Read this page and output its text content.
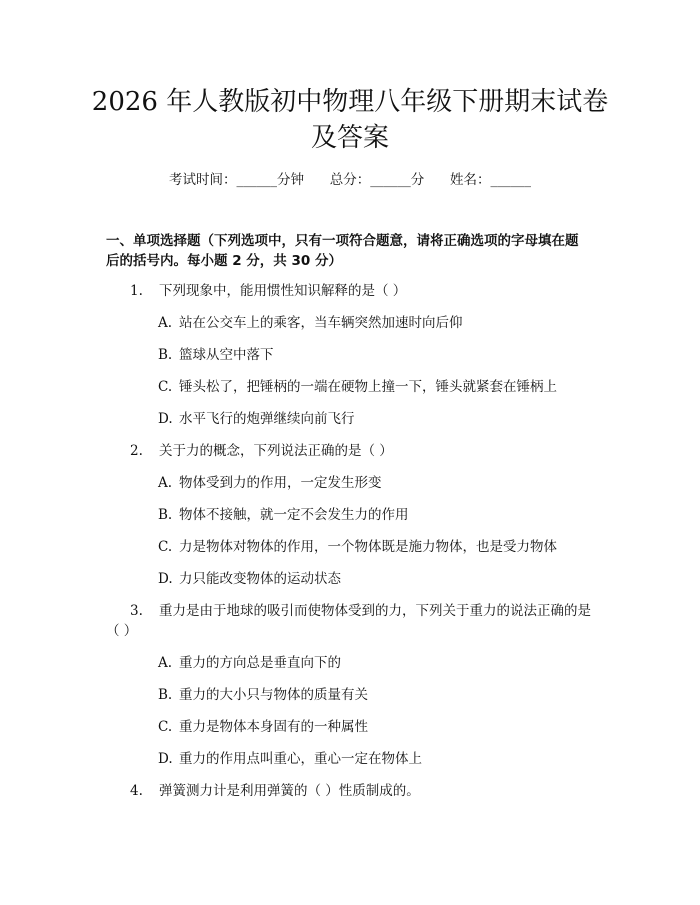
2026 年人教版初中物理八年级下册期末试卷
及答案
考试时间：______分钟      总分：______分      姓名：______
一、单项选择题（下列选项中，只有一项符合题意，请将正确选项的字母填在题
后的括号内。每小题 2 分，共 30 分）
1. 下列现象中，能用惯性知识解释的是（ ）
A. 站在公交车上的乘客，当车辆突然加速时向后仰
B. 篮球从空中落下
C. 锤头松了，把锤柄的一端在硬物上撞一下，锤头就紧套在锤柄上
D. 水平飞行的炮弹继续向前飞行
2. 关于力的概念，下列说法正确的是（ ）
A. 物体受到力的作用，一定发生形变
B. 物体不接触，就一定不会发生力的作用
C. 力是物体对物体的作用，一个物体既是施力物体，也是受力物体
D. 力只能改变物体的运动状态
3. 重力是由于地球的吸引而使物体受到的力，下列关于重力的说法正确的是
（ ）
A. 重力的方向总是垂直向下的
B. 重力的大小只与物体的质量有关
C. 重力是物体本身固有的一种属性
D. 重力的作用点叫重心，重心一定在物体上
4. 弹簧测力计是利用弹簧的（ ）性质制成的。
